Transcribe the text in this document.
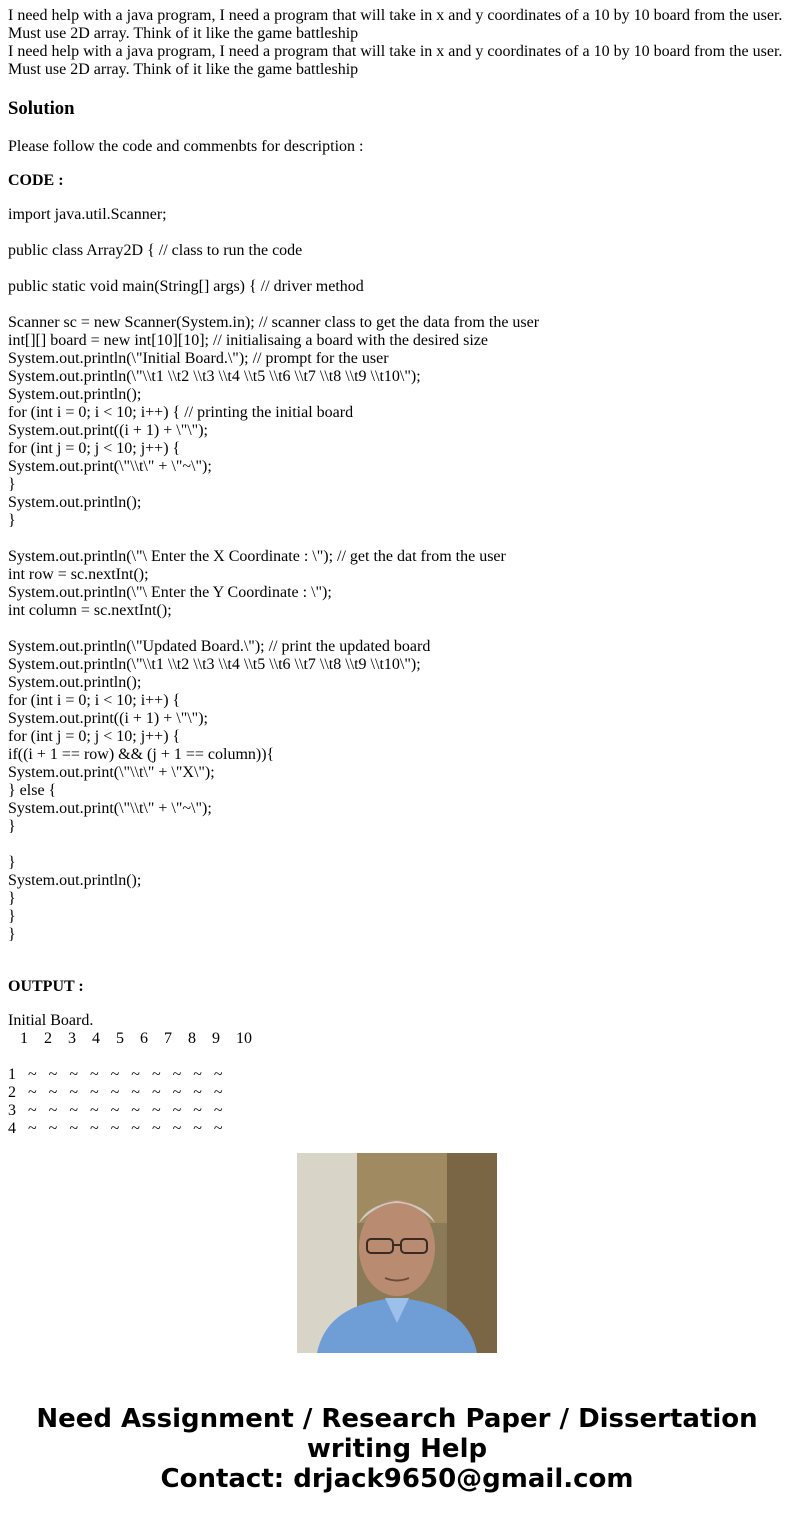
I need help with a java program, I need a program that will take in x and y coordinates of a 10 by 10 board from the user.
Must use 2D array. Think of it like the game battleship
I need help with a java program, I need a program that will take in x and y coordinates of a 10 by 10 board from the user.
Must use 2D array. Think of it like the game battleship
Solution

Please follow the code and commenbts for description :

CODE :

import java.util.Scanner;
public class Array2D { // class to run the code
public static void main(String[] args) { // driver method
Scanner sc = new Scanner(System.in); // scanner class to get the data from the user
int[][] board = new int[10][10]; // initialisaing a board with the desired size
System.out.println(\"Initial Board.\"); // prompt for the user
System.out.println(\"\\t1 \\t2 \\t3 \\t4 \\t5 \\t6 \\t7 \\t8 \\t9 \\t10\");
System.out.println();
for (int i = 0; i < 10; i++) { // printing the initial board
System.out.print((i + 1) + \"\");
for (int j = 0; j < 10; j++) {
System.out.print(\"\\t\" + \"~\");
}
System.out.println();
}
System.out.println(\"\ Enter the X Coordinate : \"); // get the dat from the user
int row = sc.nextInt();
System.out.println(\"\ Enter the Y Coordinate : \");
int column = sc.nextInt();
System.out.println(\"Updated Board.\"); // print the updated board
System.out.println(\"\\t1 \\t2 \\t3 \\t4 \\t5 \\t6 \\t7 \\t8 \\t9 \\t10\");
System.out.println();
for (int i = 0; i < 10; i++) {
System.out.print((i + 1) + \"\");
for (int j = 0; j < 10; j++) {
if((i + 1 == row) && (j + 1 == column)){
System.out.print(\"\\t\" + \"X\");
} else {
System.out.print(\"\\t\" + \"~\");
}
}
System.out.println();
}
}
}

OUTPUT :

Initial Board.
1    2    3    4    5    6    7    8    9    10
1   ~   ~   ~   ~   ~   ~   ~   ~   ~   ~
2   ~   ~   ~   ~   ~   ~   ~   ~   ~   ~
3   ~   ~   ~   ~   ~   ~   ~   ~   ~   ~
4   ~   ~   ~   ~   ~   ~   ~   ~   ~   ~
Need Assignment / Research Paper / Dissertation
writing Help
Contact: drjack9650@gmail.com
